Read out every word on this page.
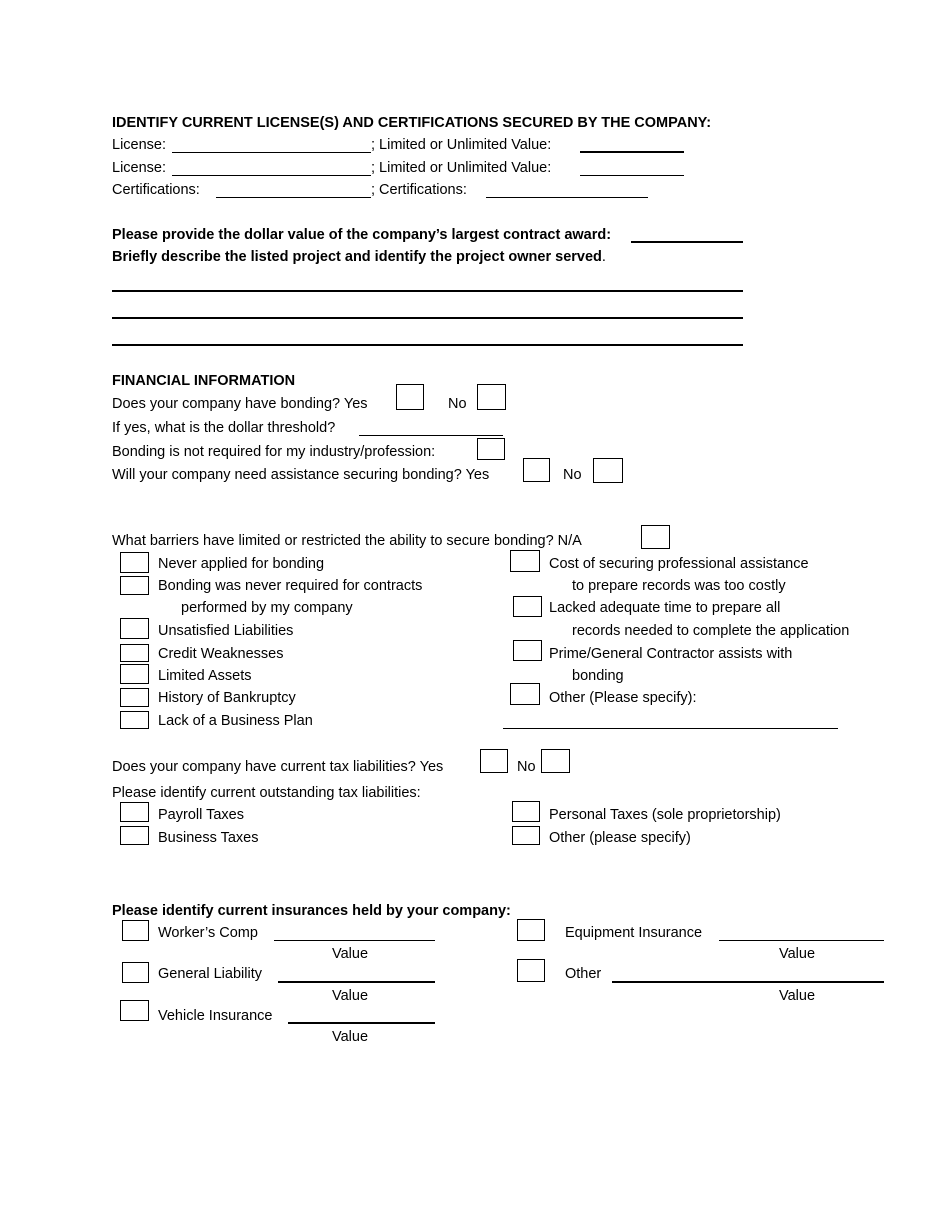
IDENTIFY CURRENT LICENSE(S) AND CERTIFICATIONS SECURED BY THE COMPANY:
License:	; Limited or Unlimited Value:
License:	; Limited or Unlimited Value:
Certifications:	; Certifications:
Please provide the dollar value of the company’s largest contract award:
Briefly describe the listed project and identify the project owner served.
FINANCIAL INFORMATION
Does your company have bonding? Yes	No
If yes, what is the dollar threshold?
Bonding is not required for my industry/profession:
Will your company need assistance securing bonding? Yes	No
What barriers have limited or restricted the ability to secure bonding? N/A
Never applied for bonding
Bonding was never required for contracts
performed by my company
Unsatisfied Liabilities
Credit Weaknesses
Limited Assets
History of Bankruptcy
Lack of a Business Plan
Cost of securing professional assistance
to prepare records was too costly
Lacked adequate time to prepare all
records needed to complete the application
Prime/General Contractor assists with
bonding
Other (Please specify):
Does your company have current tax liabilities? Yes	No
Please identify current outstanding tax liabilities:
Payroll Taxes
Business Taxes
Personal Taxes (sole proprietorship)
Other (please specify)
Please identify current insurances held by your company:
Worker’s Comp
Value
General Liability
Value
Vehicle Insurance
Value
Equipment Insurance
Value
Other
Value
